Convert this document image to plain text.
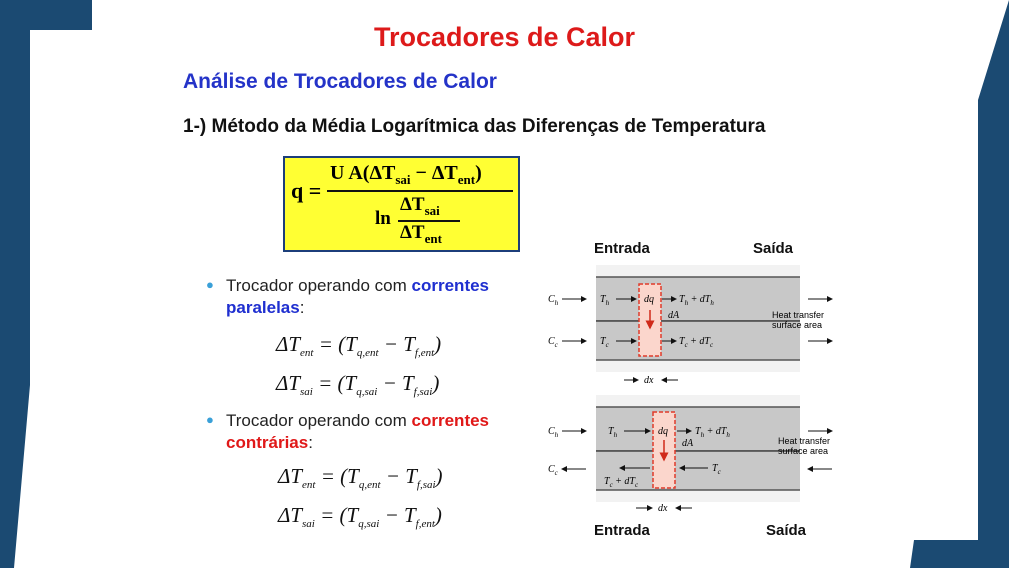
Trocadores de Calor
Análise de Trocadores de Calor
1-) Método da Média Logarítmica das Diferenças de Temperatura
q =
U $A(\Delta T_{sai} - \Delta T_{ent})$
ln
$\Delta T_{sai}$
$\Delta T_{ent}$
● Trocador operando com correntes
paralelas:
$\Delta T_{ent} = (T_{q,ent} - T_{f,ent})$
$\Delta T_{sai} = (T_{q,sai} - T_{f,sai})$
● Trocador operando com correntes
contrárias:
$\Delta T_{ent} = (T_{q,ent} - T_{f,sai})$
$\Delta T_{sai} = (T_{q,sai} - T_{f,ent})$
Entrada	Saída
Entrada	Saída
$C_h$
$C_c$
$T_h$
$T_c$
dq
dA
$T_h + dT_h$
$T_c + dT_c$
Heat transfer
surface area
dx
$C_h$
$C_c$
$T_h$	dq
dA
$T_h + dT_h$
$T_c$
$T_c + dT_c$
Heat transfer
surface area
dx
